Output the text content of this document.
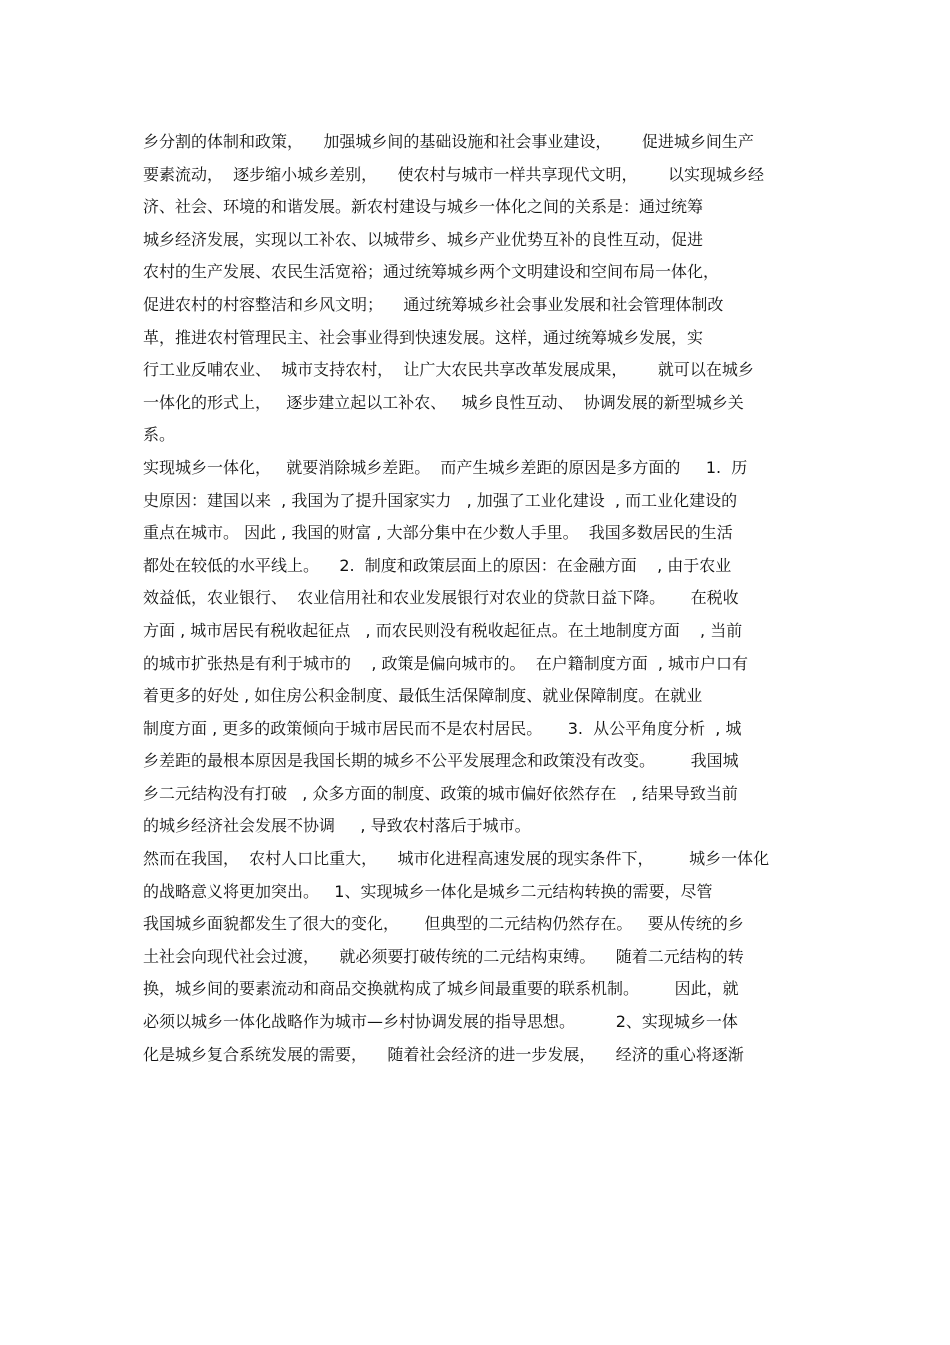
乡分割的体制和政策，    加强城乡间的基础设施和社会事业建设，      促进城乡间生产
要素流动，  逐步缩小城乡差别，    使农村与城市一样共享现代文明，      以实现城乡经
济、社会、环境的和谐发展。新农村建设与城乡一体化之间的关系是：通过统筹
城乡经济发展，实现以工补农、以城带乡、城乡产业优势互补的良性互动，促进
农村的生产发展、农民生活宽裕；通过统筹城乡两个文明建设和空间布局一体化，
促进农村的村容整洁和乡风文明；    通过统筹城乡社会事业发展和社会管理体制改
革，推进农村管理民主、社会事业得到快速发展。这样，通过统筹城乡发展，实
行工业反哺农业、  城市支持农村，  让广大农民共享改革发展成果，      就可以在城乡
一体化的形式上，   逐步建立起以工补农、   城乡良性互动、  协调发展的新型城乡关
系。
实现城乡一体化，   就要消除城乡差距。  而产生城乡差距的原因是多方面的     1.  历
史原因：建国以来  , 我国为了提升国家实力   , 加强了工业化建设  , 而工业化建设的
重点在城市。 因此 , 我国的财富 , 大部分集中在少数人手里。  我国多数居民的生活
都处在较低的水平线上。    2.  制度和政策层面上的原因：在金融方面    , 由于农业
效益低，农业银行、  农业信用社和农业发展银行对农业的贷款日益下降。     在税收
方面 , 城市居民有税收起征点   , 而农民则没有税收起征点。在土地制度方面    , 当前
的城市扩张热是有利于城市的    , 政策是偏向城市的。  在户籍制度方面  , 城市户口有
着更多的好处 , 如住房公积金制度、最低生活保障制度、就业保障制度。在就业
制度方面 , 更多的政策倾向于城市居民而不是农村居民。     3.  从公平角度分析  , 城
乡差距的最根本原因是我国长期的城乡不公平发展理念和政策没有改变。       我国城
乡二元结构没有打破   , 众多方面的制度、政策的城市偏好依然存在   , 结果导致当前
的城乡经济社会发展不协调     , 导致农村落后于城市。
然而在我国，  农村人口比重大，    城市化进程高速发展的现实条件下，       城乡一体化
的战略意义将更加突出。   1、实现城乡一体化是城乡二元结构转换的需要，尽管
我国城乡面貌都发生了很大的变化，     但典型的二元结构仍然存在。   要从传统的乡
土社会向现代社会过渡，    就必须要打破传统的二元结构束缚。    随着二元结构的转
换，城乡间的要素流动和商品交换就构成了城乡间最重要的联系机制。       因此，就
必须以城乡一体化战略作为城市—乡村协调发展的指导思想。        2、实现城乡一体
化是城乡复合系统发展的需要，    随着社会经济的进一步发展，    经济的重心将逐渐
